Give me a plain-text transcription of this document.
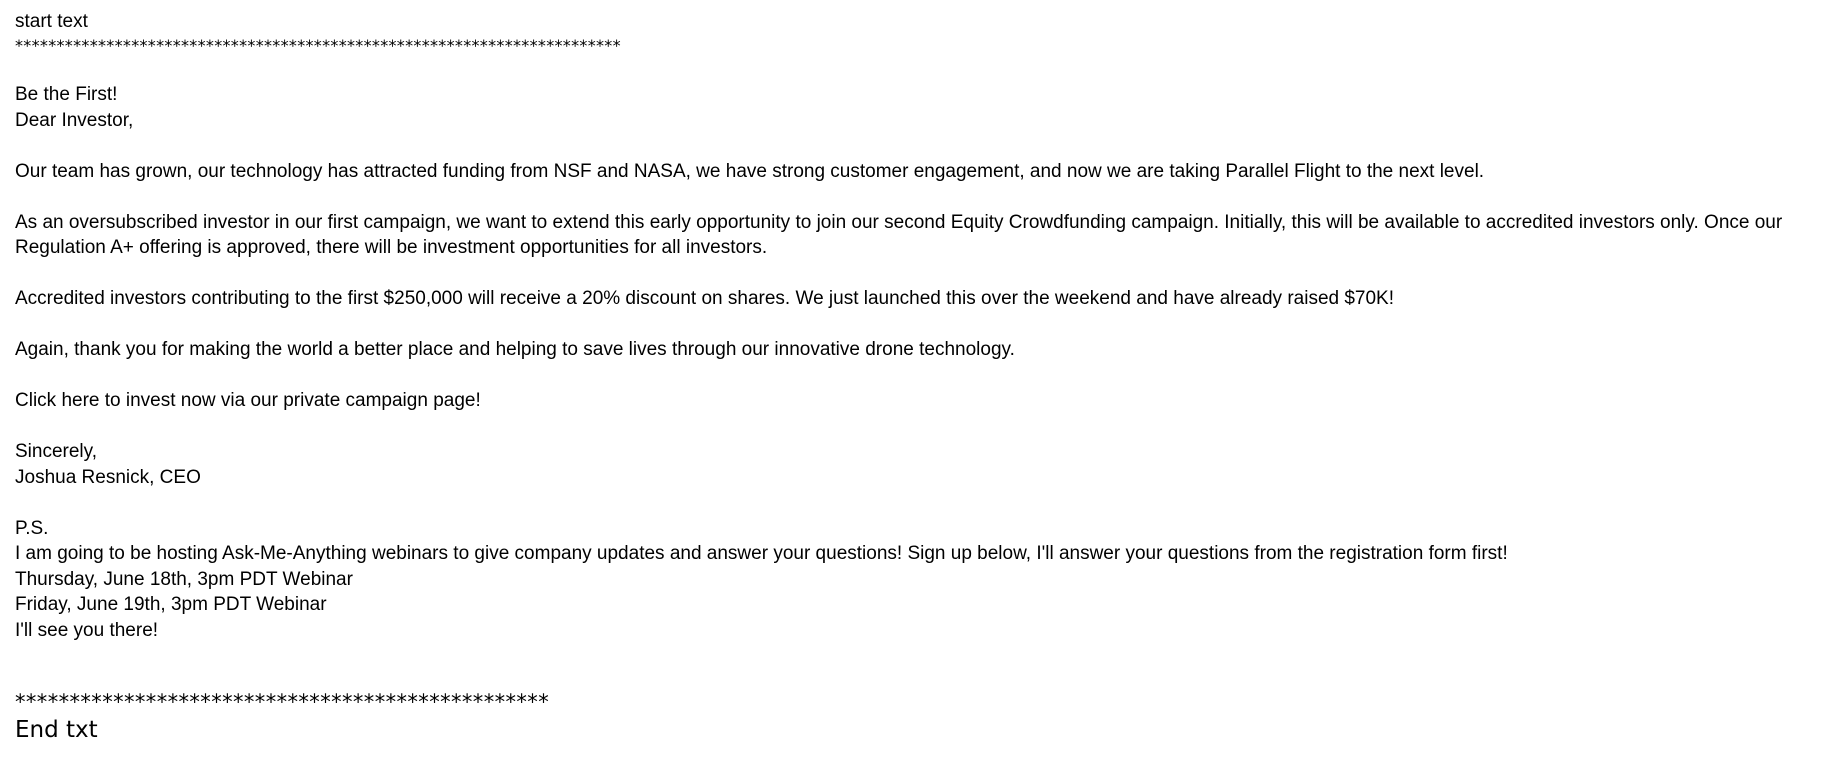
start text
*************************************************************************
Be the First!
Dear Investor,
Our team has grown, our technology has attracted funding from NSF and NASA, we have strong customer engagement, and now we are taking Parallel Flight to the next level.
As an oversubscribed investor in our first campaign, we want to extend this early opportunity to join our second Equity Crowdfunding campaign. Initially, this will be available to accredited investors only. Once our
Regulation A+ offering is approved, there will be investment opportunities for all investors.
Accredited investors contributing to the first $250,000 will receive a 20% discount on shares. We just launched this over the weekend and have already raised $70K!
Again, thank you for making the world a better place and helping to save lives through our innovative drone technology.
Click here to invest now via our private campaign page!
Sincerely,
Joshua Resnick, CEO
P.S.
I am going to be hosting Ask-Me-Anything webinars to give company updates and answer your questions! Sign up below, I'll answer your questions from the registration form first!
Thursday, June 18th, 3pm PDT Webinar
Friday, June 19th, 3pm PDT Webinar
I'll see you there!
*************************************************
End txt
